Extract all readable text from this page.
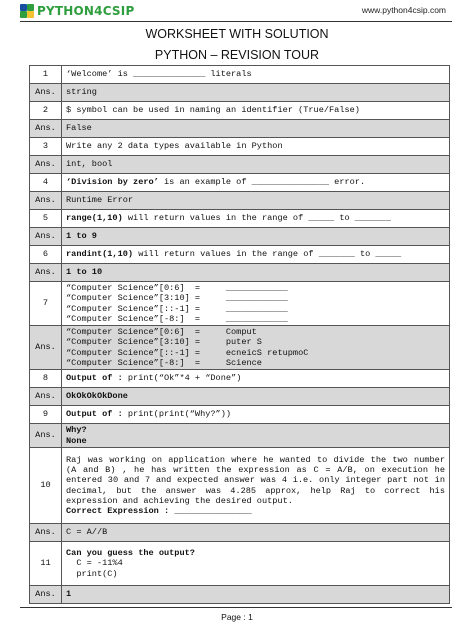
PYTHON4CSIP	www.python4csip.com
WORKSHEET WITH SOLUTION
PYTHON – REVISION TOUR
1	‘Welcome’ is ______________ literals
Ans.	string
2	$ symbol can be used in naming an identifier (True/False)
Ans.	False
3	Write any 2 data types available in Python
Ans.	int, bool
4	‘Division by zero’ is an example of _______________ error.
Ans.	Runtime Error
5	range(1,10) will return values in the range of _____ to _______
Ans.	1 to 9
6	randint(1,10) will return values in the range of _______ to _____
Ans.	1 to 10
7	“Computer Science”[0:6]  =     ____________
“Computer Science”[3:10] =     ____________
“Computer Science”[::-1] =     ____________
“Computer Science”[-8:]  =     ____________

Ans.	“Computer Science”[0:6]  =     Comput
“Computer Science”[3:10] =     puter S
“Computer Science”[::-1] =     ecneicS retupmoC
“Computer Science”[-8:]  =     Science

8	Output of : print(“Ok”*4 + “Done”)
Ans.	OkOkOkOkDone
9	Output of : print(print(“Why?”))
Ans.	Why?
None

10	Raj was working on application where he wanted to divide the two number (A and B) , he has written the expression as C = A/B, on execution he entered 30 and 7 and expected answer was 4 i.e. only integer part not in decimal, but the answer was 4.285 approx, help Raj to correct his expression and achieving the desired output.
Correct Expression : _______________

Ans.	C = A//B
11	Can you guess the output?
C = -11%4
print(C)

Ans.	1
Page : 1
